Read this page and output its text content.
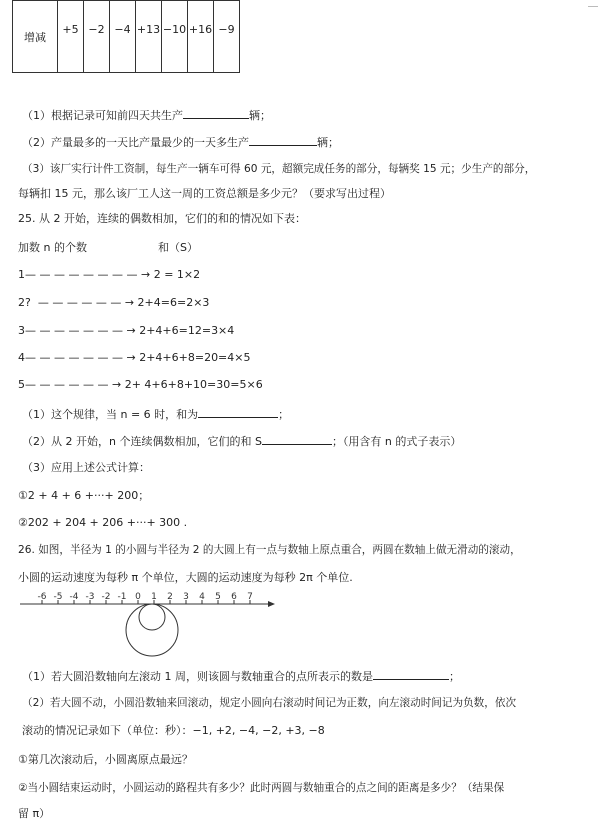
增减	+5	−2	−4	+13	−10	+16	−9
（1）根据记录可知前四天共生产	辆；
（2）产量最多的一天比产量最少的一天多生产	辆；
（3）该厂实行计件工资制，每生产一辆车可得 60 元，超额完成任务的部分，每辆奖 15 元；少生产的部分，
每辆扣 15 元，那么该厂工人这一周的工资总额是多少元？（要求写出过程）
25. 从 2 开始，连续的偶数相加，它们的和的情况如下表：
加数 n 的个数	和（S）
1— — — — — — — — → 2 = 1×2
2? — — — — — — → 2+4=6=2×3
3— — — — — — — → 2+4+6=12=3×4
4— — — — — — — → 2+4+6+8=20=4×5
5— — — — — — → 2+ 4+6+8+10=30=5×6
（1）这个规律，当 n = 6 时，和为	；
（2）从 2 开始，n 个连续偶数相加，它们的和 S	；（用含有 n 的式子表示）
（3）应用上述公式计算：
①2 + 4 + 6 +···+ 200；
②202 + 204 + 206 +···+ 300 .
26. 如图，半径为 1 的小圆与半径为 2 的大圆上有一点与数轴上原点重合，两圆在数轴上做无滑动的滚动，
小圆的运动速度为每秒 π 个单位，大圆的运动速度为每秒 2π 个单位.
-6 -5 -4 -3 -2 -1 0 1 2 3 4 5 6 7
（1）若大圆沿数轴向左滚动 1 周，则该圆与数轴重合的点所表示的数是	；
（2）若大圆不动，小圆沿数轴来回滚动，规定小圆向右滚动时间记为正数，向左滚动时间记为负数，依次
滚动的情况记录如下（单位：秒）：−1, +2, −4, −2, +3, −8
①第几次滚动后，小圆离原点最远？
②当小圆结束运动时，小圆运动的路程共有多少？此时两圆与数轴重合的点之间的距离是多少？（结果保
留 π）
